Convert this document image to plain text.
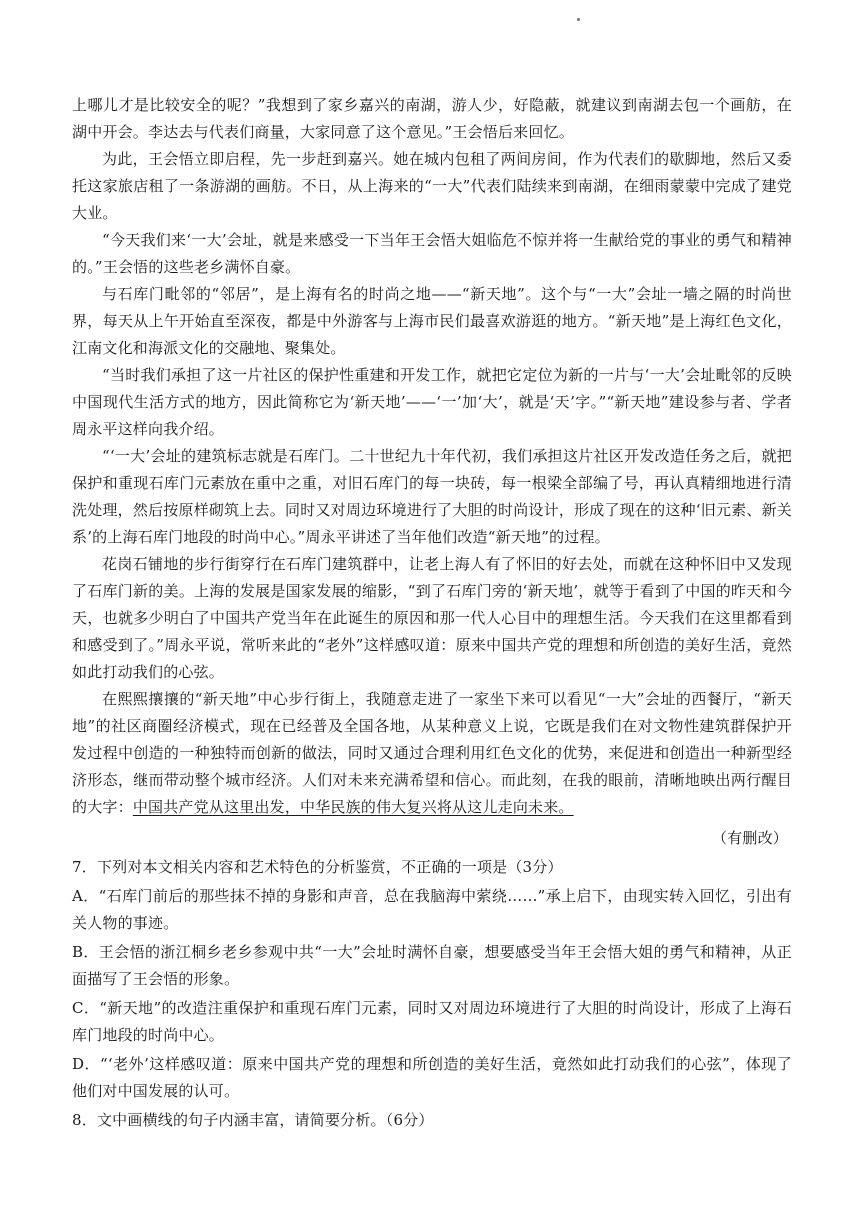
上哪儿才是比较安全的呢？”我想到了家乡嘉兴的南湖，游人少，好隐蔽，就建议到南湖去包一个画舫，在湖中开会。李达去与代表们商量，大家同意了这个意见。”王会悟后来回忆。

为此，王会悟立即启程，先一步赶到嘉兴。她在城内包租了两间房间，作为代表们的歇脚地，然后又委托这家旅店租了一条游湖的画舫。不日，从上海来的“一大”代表们陆续来到南湖，在细雨蒙蒙中完成了建党大业。

“今天我们来‘一大’会址，就是来感受一下当年王会悟大姐临危不惊并将一生献给党的事业的勇气和精神的。”王会悟的这些老乡满怀自豪。

与石库门毗邻的“邻居”，是上海有名的时尚之地——“新天地”。这个与“一大”会址一墙之隔的时尚世界，每天从上午开始直至深夜，都是中外游客与上海市民们最喜欢游逛的地方。“新天地”是上海红色文化，江南文化和海派文化的交融地、聚集处。

“当时我们承担了这一片社区的保护性重建和开发工作，就把它定位为新的一片与‘一大’会址毗邻的反映中国现代生活方式的地方，因此简称它为‘新天地’——‘一’加‘大’，就是‘天’字。”“新天地”建设参与者、学者周永平这样向我介绍。

“‘一大’会址的建筑标志就是石库门。二十世纪九十年代初，我们承担这片社区开发改造任务之后，就把保护和重现石库门元素放在重中之重，对旧石库门的每一块砖，每一根梁全部编了号，再认真精细地进行清洗处理，然后按原样砌筑上去。同时又对周边环境进行了大胆的时尚设计，形成了现在的这种‘旧元素、新关系’的上海石库门地段的时尚中心。”周永平讲述了当年他们改造“新天地”的过程。

花岗石铺地的步行街穿行在石库门建筑群中，让老上海人有了怀旧的好去处，而就在这种怀旧中又发现了石库门新的美。上海的发展是国家发展的缩影，“到了石库门旁的‘新天地’，就等于看到了中国的昨天和今天，也就多少明白了中国共产党当年在此诞生的原因和那一代人心目中的理想生活。今天我们在这里都看到和感受到了。”周永平说，常听来此的“老外”这样感叹道：原来中国共产党的理想和所创造的美好生活，竟然如此打动我们的心弦。

在熙熙攘攘的“新天地”中心步行街上，我随意走进了一家坐下来可以看见“一大”会址的西餐厅，“新天地”的社区商圈经济模式，现在已经普及全国各地，从某种意义上说，它既是我们在对文物性建筑群保护开发过程中创造的一种独特而创新的做法，同时又通过合理利用红色文化的优势，来促进和创造出一种新型经济形态，继而带动整个城市经济。人们对未来充满希望和信心。而此刻，在我的眼前，清晰地映出两行醒目的大字：中国共产党从这里出发，中华民族的伟大复兴将从这儿走向未来。

（有删改）

7．下列对本文相关内容和艺术特色的分析鉴赏，不正确的一项是（3分）

A．“石库门前后的那些抹不掉的身影和声音，总在我脑海中萦绕……”承上启下，由现实转入回忆，引出有关人物的事迹。

B．王会悟的浙江桐乡老乡参观中共“一大”会址时满怀自豪，想要感受当年王会悟大姐的勇气和精神，从正面描写了王会悟的形象。

C．“新天地”的改造注重保护和重现石库门元素，同时又对周边环境进行了大胆的时尚设计，形成了上海石库门地段的时尚中心。

D．“‘老外’这样感叹道：原来中国共产党的理想和所创造的美好生活，竟然如此打动我们的心弦”，体现了他们对中国发展的认可。

8．文中画横线的句子内涵丰富，请简要分析。（6分）
